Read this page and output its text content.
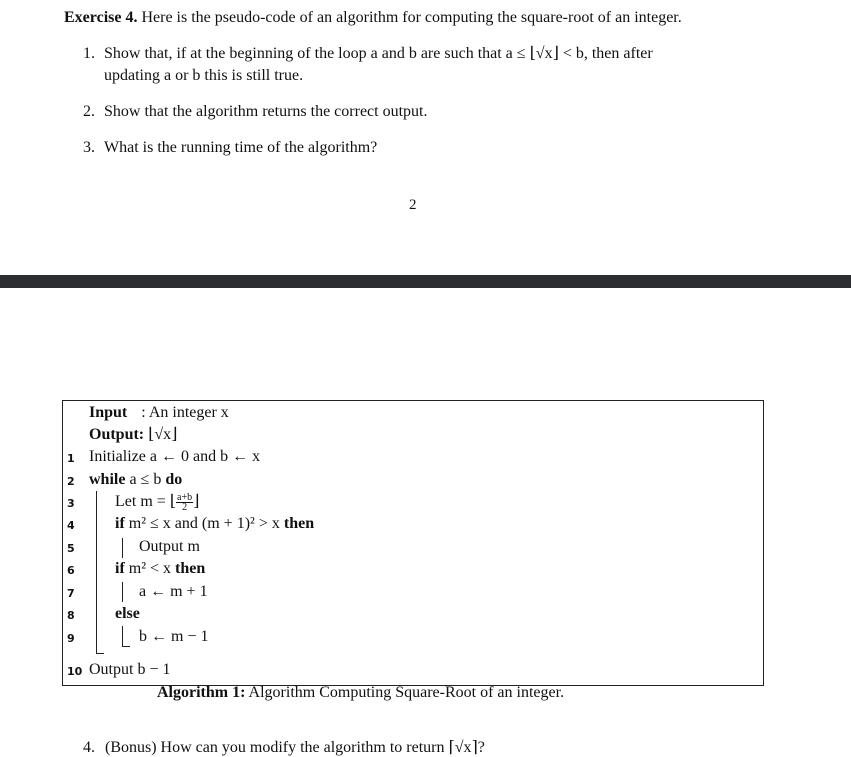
Exercise 4. Here is the pseudo-code of an algorithm for computing the square-root of an integer.
1. Show that, if at the beginning of the loop a and b are such that a ≤ ⌊√x⌋ < b, then after
updating a or b this is still true.
2. Show that the algorithm returns the correct output.
3. What is the running time of the algorithm?
2
Input : An integer x
Output: ⌊√x⌋
1 Initialize a ← 0 and b ← x
2 while a ≤ b do
3	Let m = ⌊ $\frac{a+b}{2}$ ⌋
4	if m² ≤ x and (m + 1)² > x then
5	Output m
6	if m² < x then
7	a ← m + 1
8	else
9	b ← m − 1
10 Output b − 1
Algorithm 1: Algorithm Computing Square-Root of an integer.
4. (Bonus) How can you modify the algorithm to return ⌈√x⌉?
